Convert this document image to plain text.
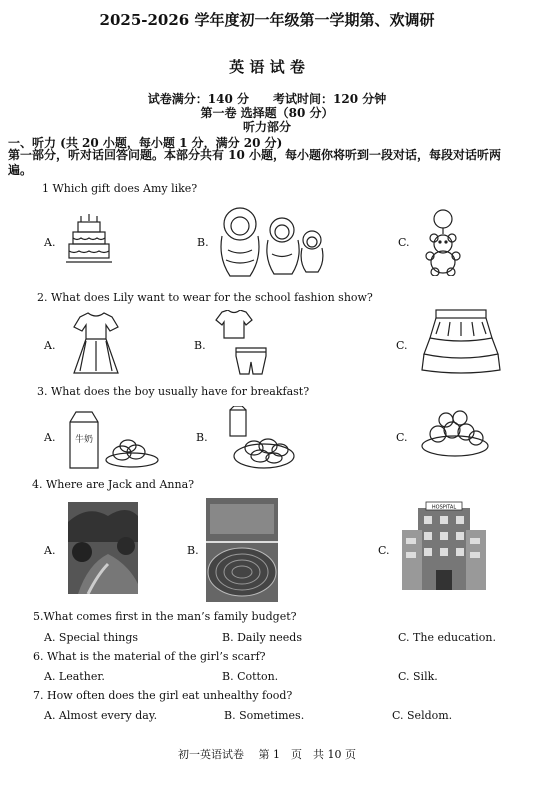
2025-2026 学年度初一年级第一学期第、欢调研
英 语 试 卷
试卷满分：140 分　　考试时间：120 分钟
第一卷 选择题（80 分）
听力部分
一、听力 (共 20 小题，每小题 1 分，满分 20 分)
第一部分，听对话回答问题。本部分共有 10 小题，每小题你将听到一段对话，每段对话听两遍。
1 Which gift does Amy like?
A.	B.	C.
2. What does Lily want to wear for the school fashion show?
A.	B.	C.
3. What does the boy usually have for breakfast?
A.	B.	C.
牛奶
4. Where are Jack and Anna?
A.	B.	C.
HOSPITAL
5.What comes first in the man’s family budget?
A. Special things	B. Daily needs	C. The education.
6. What is the material of the girl’s scarf?
A. Leather.	B. Cotton.	C. Silk.
7. How often does the girl eat unhealthy food?
A. Almost every day.	B. Sometimes.	C. Seldom.
初一英语试卷　 第 1　页　共 10 页
